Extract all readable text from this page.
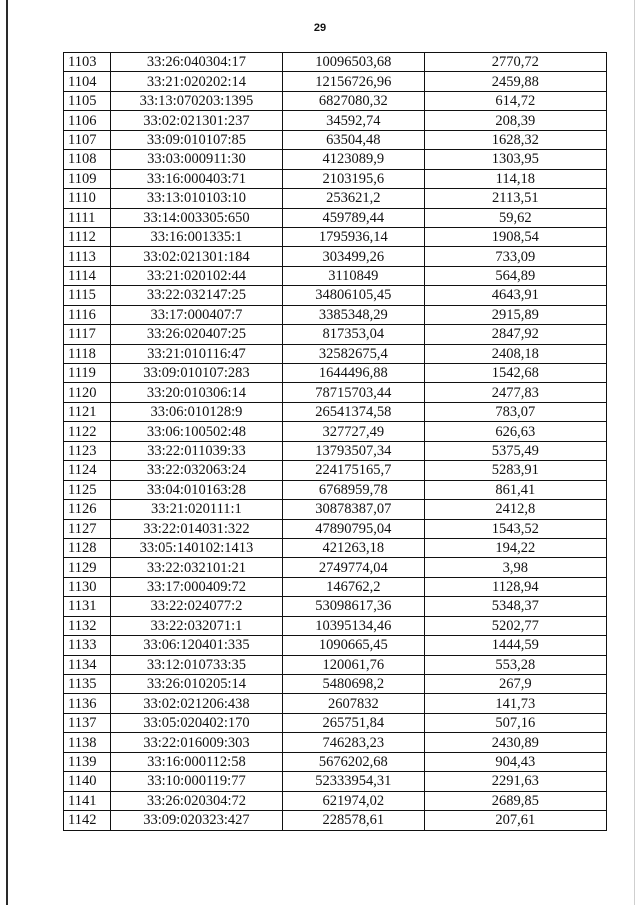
29
1103	33:26:040304:17	10096503,68	2770,72
1104	33:21:020202:14	12156726,96	2459,88
1105	33:13:070203:1395	6827080,32	614,72
1106	33:02:021301:237	34592,74	208,39
1107	33:09:010107:85	63504,48	1628,32
1108	33:03:000911:30	4123089,9	1303,95
1109	33:16:000403:71	2103195,6	114,18
1110	33:13:010103:10	253621,2	2113,51
1111	33:14:003305:650	459789,44	59,62
1112	33:16:001335:1	1795936,14	1908,54
1113	33:02:021301:184	303499,26	733,09
1114	33:21:020102:44	3110849	564,89
1115	33:22:032147:25	34806105,45	4643,91
1116	33:17:000407:7	3385348,29	2915,89
1117	33:26:020407:25	817353,04	2847,92
1118	33:21:010116:47	32582675,4	2408,18
1119	33:09:010107:283	1644496,88	1542,68
1120	33:20:010306:14	78715703,44	2477,83
1121	33:06:010128:9	26541374,58	783,07
1122	33:06:100502:48	327727,49	626,63
1123	33:22:011039:33	13793507,34	5375,49
1124	33:22:032063:24	224175165,7	5283,91
1125	33:04:010163:28	6768959,78	861,41
1126	33:21:020111:1	30878387,07	2412,8
1127	33:22:014031:322	47890795,04	1543,52
1128	33:05:140102:1413	421263,18	194,22
1129	33:22:032101:21	2749774,04	3,98
1130	33:17:000409:72	146762,2	1128,94
1131	33:22:024077:2	53098617,36	5348,37
1132	33:22:032071:1	10395134,46	5202,77
1133	33:06:120401:335	1090665,45	1444,59
1134	33:12:010733:35	120061,76	553,28
1135	33:26:010205:14	5480698,2	267,9
1136	33:02:021206:438	2607832	141,73
1137	33:05:020402:170	265751,84	507,16
1138	33:22:016009:303	746283,23	2430,89
1139	33:16:000112:58	5676202,68	904,43
1140	33:10:000119:77	52333954,31	2291,63
1141	33:26:020304:72	621974,02	2689,85
1142	33:09:020323:427	228578,61	207,61
